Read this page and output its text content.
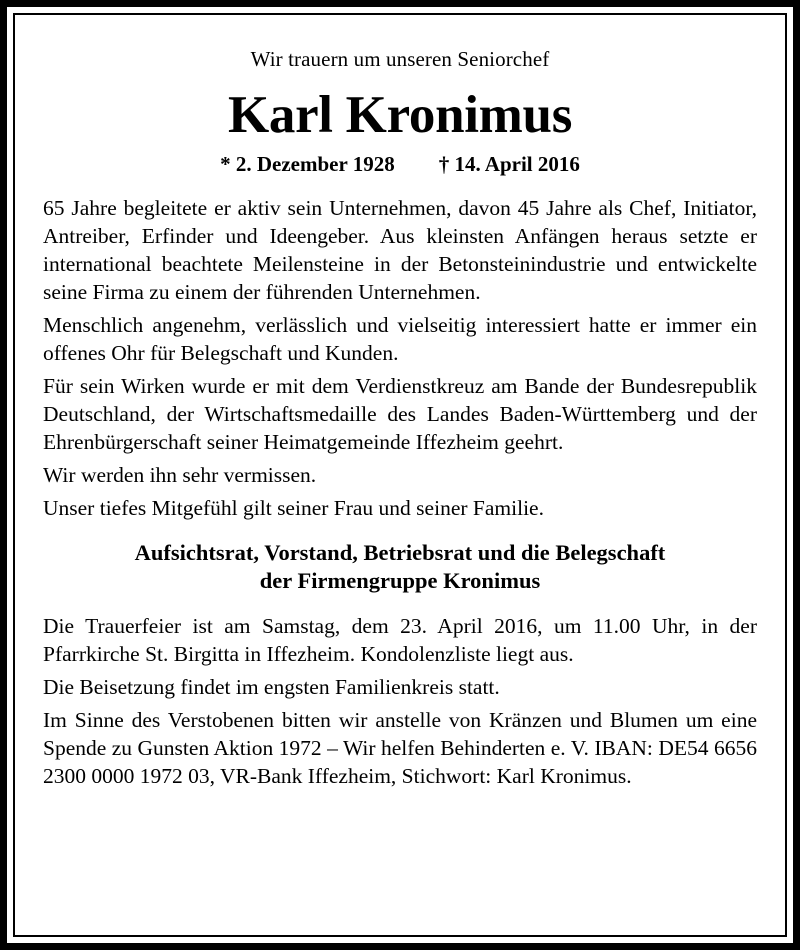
Wir trauern um unseren Seniorchef

Karl Kronimus

* 2. Dezember 1928 † 14. April 2016

65 Jahre begleitete er aktiv sein Unternehmen, davon 45 Jahre als Chef, Initiator, Antreiber, Erfinder und Ideengeber. Aus kleinsten Anfängen heraus setzte er international beachtete Meilensteine in der Betonsteinindustrie und entwickelte seine Firma zu einem der führenden Unternehmen.

Menschlich angenehm, verlässlich und vielseitig interessiert hatte er immer ein offenes Ohr für Belegschaft und Kunden.

Für sein Wirken wurde er mit dem Verdienstkreuz am Bande der Bundesrepublik Deutschland, der Wirtschaftsmedaille des Landes Baden-Württemberg und der Ehrenbürgerschaft seiner Heimatgemeinde Iffezheim geehrt.

Wir werden ihn sehr vermissen.

Unser tiefes Mitgefühl gilt seiner Frau und seiner Familie.

Aufsichtsrat, Vorstand, Betriebsrat und die Belegschaft
der Firmengruppe Kronimus

Die Trauerfeier ist am Samstag, dem 23. April 2016, um 11.00 Uhr, in der Pfarrkirche St. Birgitta in Iffezheim. Kondolenzliste liegt aus.

Die Beisetzung findet im engsten Familienkreis statt.

Im Sinne des Verstobenen bitten wir anstelle von Kränzen und Blumen um eine Spende zu Gunsten Aktion 1972 – Wir helfen Behinderten e. V. IBAN: DE54 6656 2300 0000 1972 03, VR-Bank Iffezheim, Stichwort: Karl Kronimus.
